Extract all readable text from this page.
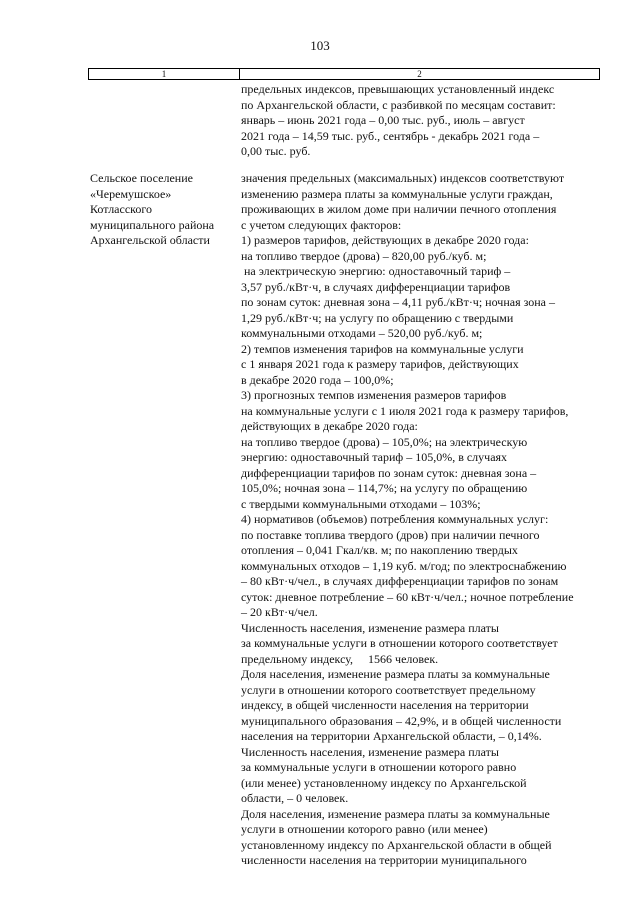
103
1	2
предельных индексов, превышающих установленный индекс
по Архангельской области, с разбивкой по месяцам составит:
январь – июнь 2021 года – 0,00 тыс. руб., июль – август
2021 года – 14,59 тыс. руб., сентябрь - декабрь 2021 года –
0,00 тыс. руб.
Сельское поселение
«Черемушское»
Котласского
муниципального района
Архангельской области
значения предельных (максимальных) индексов соответствуют
изменению размера платы за коммунальные услуги граждан,
проживающих в жилом доме при наличии печного отопления
с учетом следующих факторов:
1) размеров тарифов, действующих в декабре 2020 года:
на топливо твердое (дрова) – 820,00 руб./куб. м;
на электрическую энергию: одноставочный тариф –
3,57 руб./кВт·ч, в случаях дифференциации тарифов
по зонам суток: дневная зона – 4,11 руб./кВт·ч; ночная зона –
1,29 руб./кВт·ч; на услугу по обращению с твердыми
коммунальными отходами – 520,00 руб./куб. м;
2) темпов изменения тарифов на коммунальные услуги
с 1 января 2021 года к размеру тарифов, действующих
в декабре 2020 года – 100,0%;
3) прогнозных темпов изменения размеров тарифов
на коммунальные услуги с 1 июля 2021 года к размеру тарифов,
действующих в декабре 2020 года:
на топливо твердое (дрова) – 105,0%; на электрическую
энергию: одноставочный тариф – 105,0%, в случаях
дифференциации тарифов по зонам суток: дневная зона –
105,0%; ночная зона – 114,7%; на услугу по обращению
с твердыми коммунальными отходами – 103%;
4) нормативов (объемов) потребления коммунальных услуг:
по поставке топлива твердого (дров) при наличии печного
отопления – 0,041 Гкал/кв. м; по накоплению твердых
коммунальных отходов – 1,19 куб. м/год; по электроснабжению
– 80 кВт·ч/чел., в случаях дифференциации тарифов по зонам
суток: дневное потребление – 60 кВт·ч/чел.; ночное потребление
– 20 кВт·ч/чел.
Численность населения, изменение размера платы
за коммунальные услуги в отношении которого соответствует
предельному индексу,     1566 человек.
Доля населения, изменение размера платы за коммунальные
услуги в отношении которого соответствует предельному
индексу, в общей численности населения на территории
муниципального образования – 42,9%, и в общей численности
населения на территории Архангельской области, – 0,14%.
Численность населения, изменение размера платы
за коммунальные услуги в отношении которого равно
(или менее) установленному индексу по Архангельской
области, – 0 человек.
Доля населения, изменение размера платы за коммунальные
услуги в отношении которого равно (или менее)
установленному индексу по Архангельской области в общей
численности населения на территории муниципального
